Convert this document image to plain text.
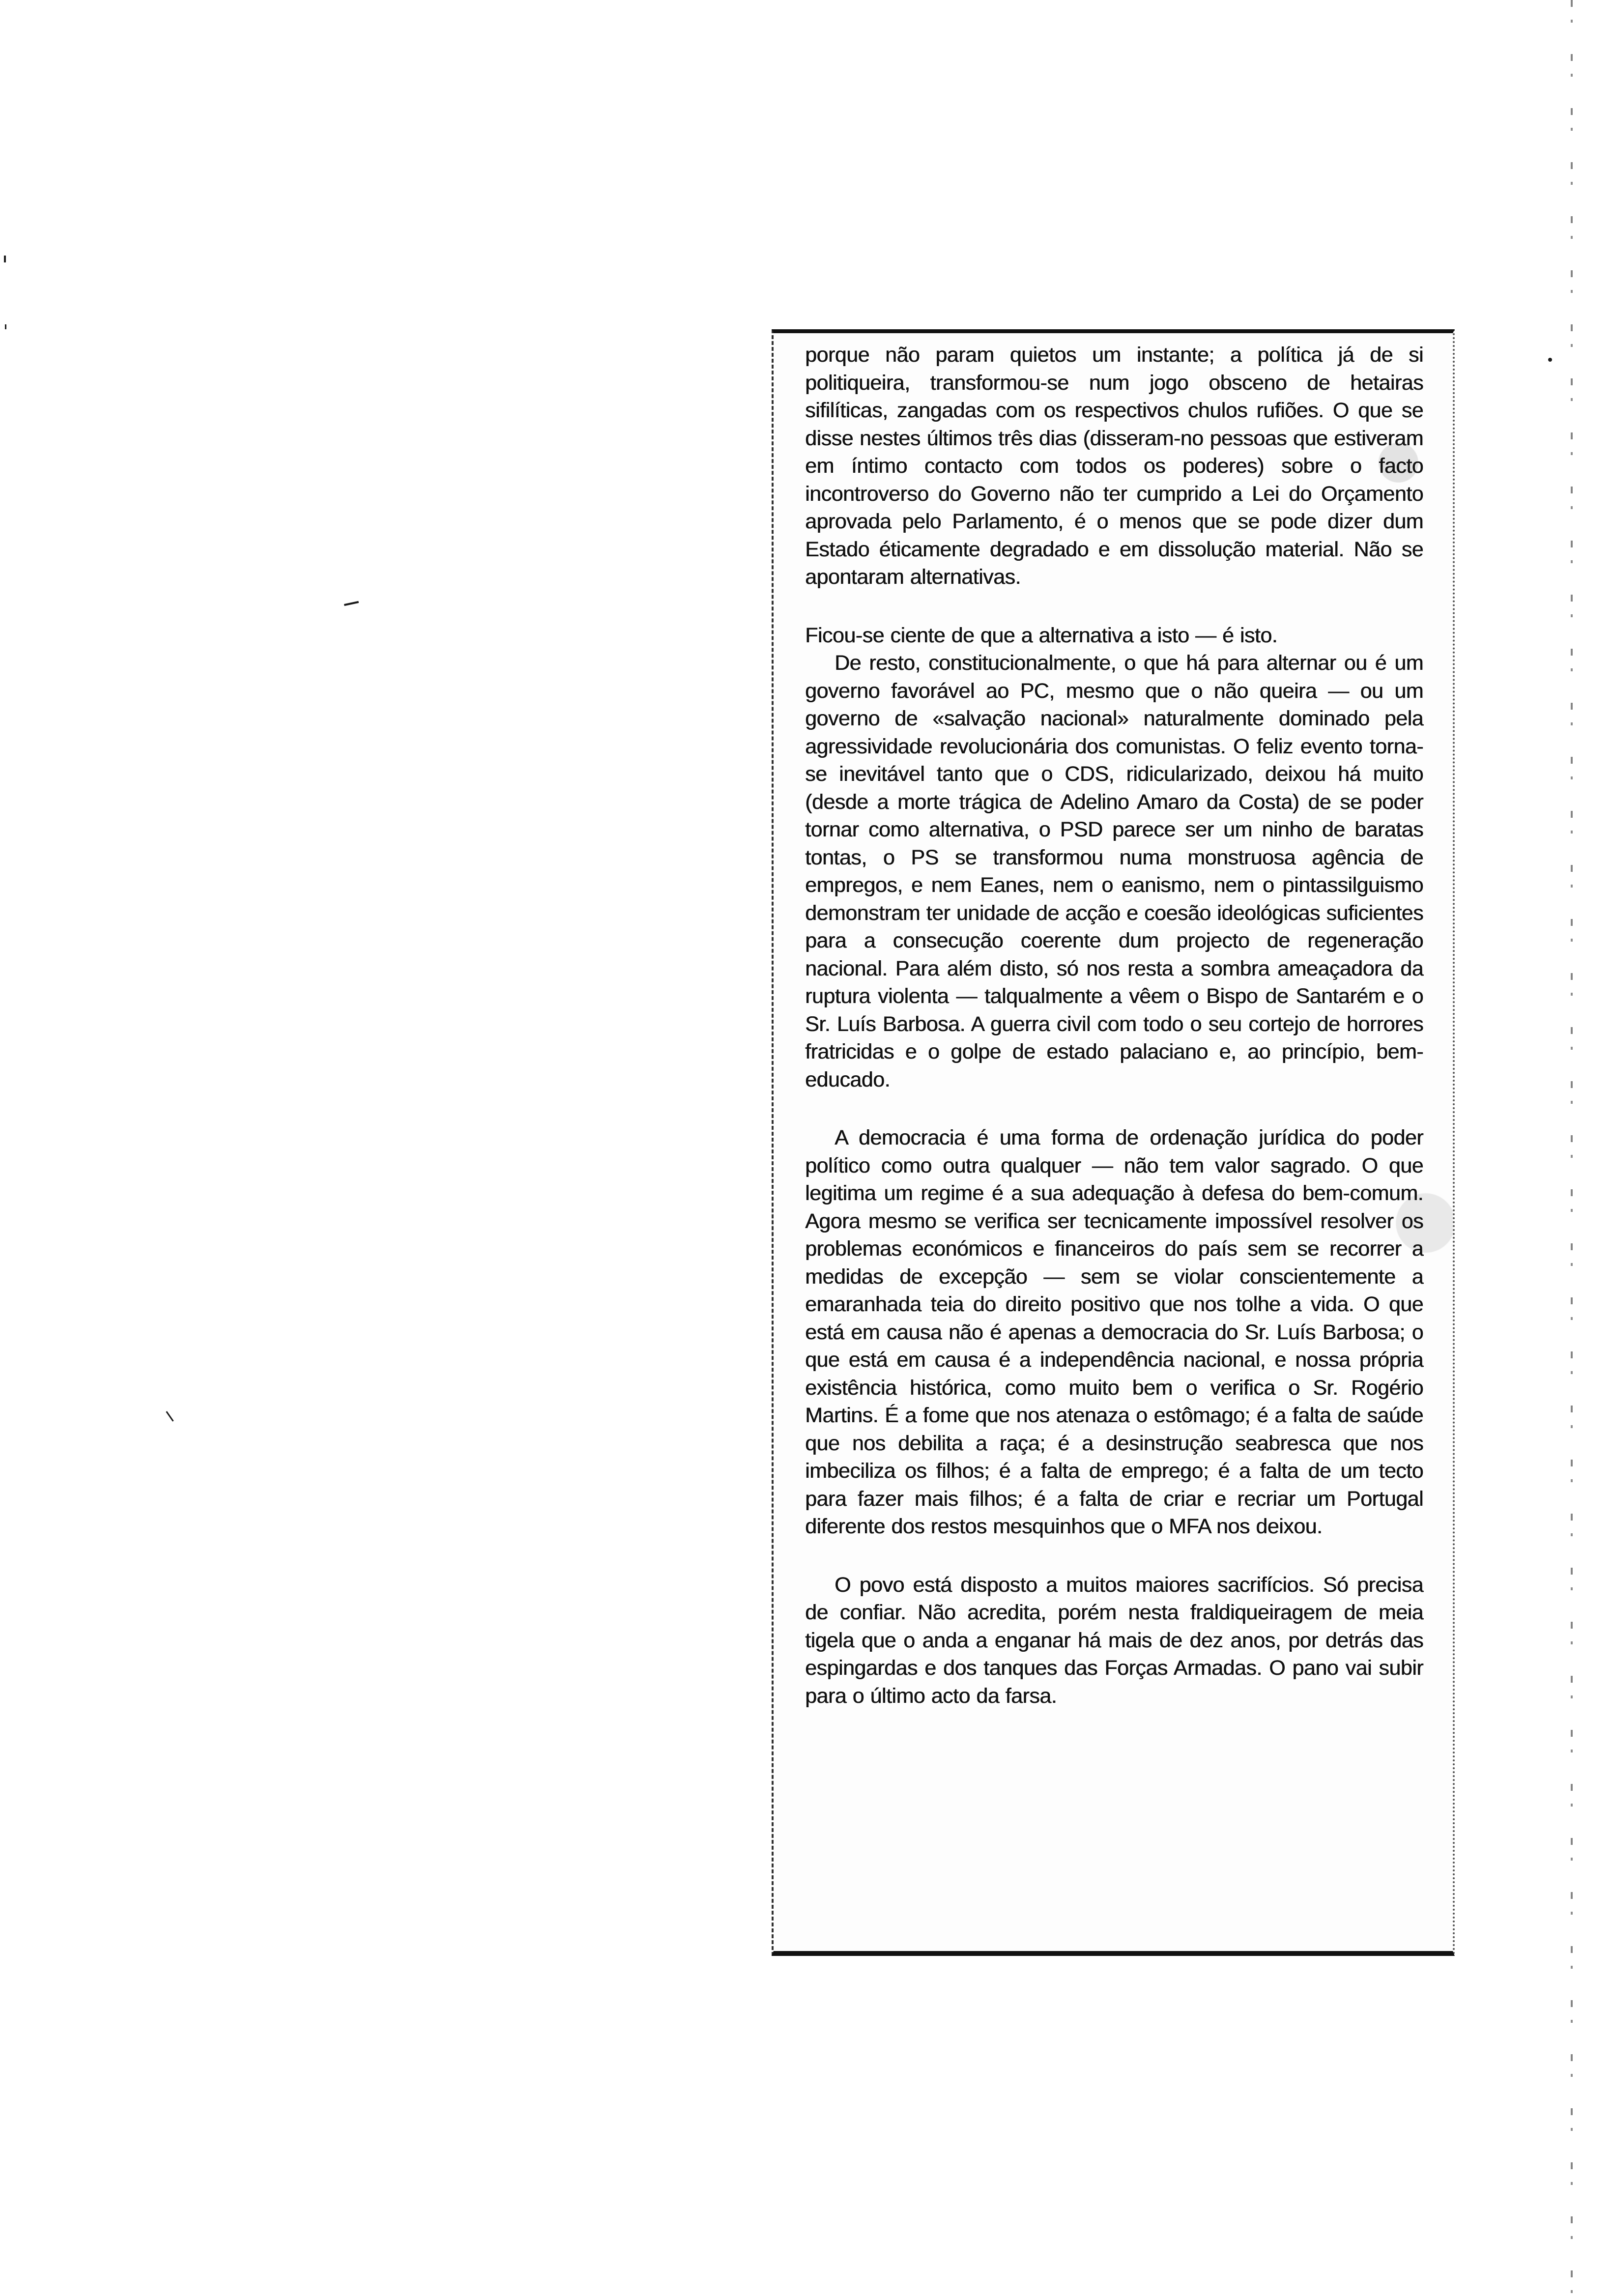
porque não param quietos um instante; a política já de si politiqueira, transformou-se num jogo obsceno de hetairas sifilíticas, zangadas com os respectivos chulos rufiões. O que se disse nestes últimos três dias (disseram-no pessoas que estiveram em íntimo contacto com todos os poderes) sobre o facto incontroverso do Governo não ter cumprido a Lei do Orçamento aprovada pelo Parlamento, é o menos que se pode dizer dum Estado éticamente degradado e em dissolução material. Não se apontaram alternativas.

Ficou-se ciente de que a alternativa a isto — é isto.

De resto, constitucionalmente, o que há para alternar ou é um governo favorável ao PC, mesmo que o não queira — ou um governo de «salvação nacional» naturalmente dominado pela agressividade revolucionária dos comunistas. O feliz evento torna-se inevitável tanto que o CDS, ridicularizado, deixou há muito (desde a morte trágica de Adelino Amaro da Costa) de se poder tornar como alternativa, o PSD parece ser um ninho de baratas tontas, o PS se transformou numa monstruosa agência de empregos, e nem Eanes, nem o eanismo, nem o pintassilguismo demonstram ter unidade de acção e coesão ideológicas suficientes para a consecução coerente dum projecto de regeneração nacional. Para além disto, só nos resta a sombra ameaçadora da ruptura violenta — talqualmente a vêem o Bispo de Santarém e o Sr. Luís Barbosa. A guerra civil com todo o seu cortejo de horrores fratricidas e o golpe de estado palaciano e, ao princípio, bem-educado.

A democracia é uma forma de ordenação jurídica do poder político como outra qualquer — não tem valor sagrado. O que legitima um regime é a sua adequação à defesa do bem-comum. Agora mesmo se verifica ser tecnicamente impossível resolver os problemas económicos e financeiros do país sem se recorrer a medidas de excepção — sem se violar conscientemente a emaranhada teia do direito positivo que nos tolhe a vida. O que está em causa não é apenas a democracia do Sr. Luís Barbosa; o que está em causa é a independência nacional, e nossa própria existência histórica, como muito bem o verifica o Sr. Rogério Martins. É a fome que nos atenaza o estômago; é a falta de saúde que nos debilita a raça; é a desinstrução seabresca que nos imbeciliza os filhos; é a falta de emprego; é a falta de um tecto para fazer mais filhos; é a falta de criar e recriar um Portugal diferente dos restos mesquinhos que o MFA nos deixou.

O povo está disposto a muitos maiores sacrifícios. Só precisa de confiar. Não acredita, porém nesta fraldiqueiragem de meia tigela que o anda a enganar há mais de dez anos, por detrás das espingardas e dos tanques das Forças Armadas. O pano vai subir para o último acto da farsa.
